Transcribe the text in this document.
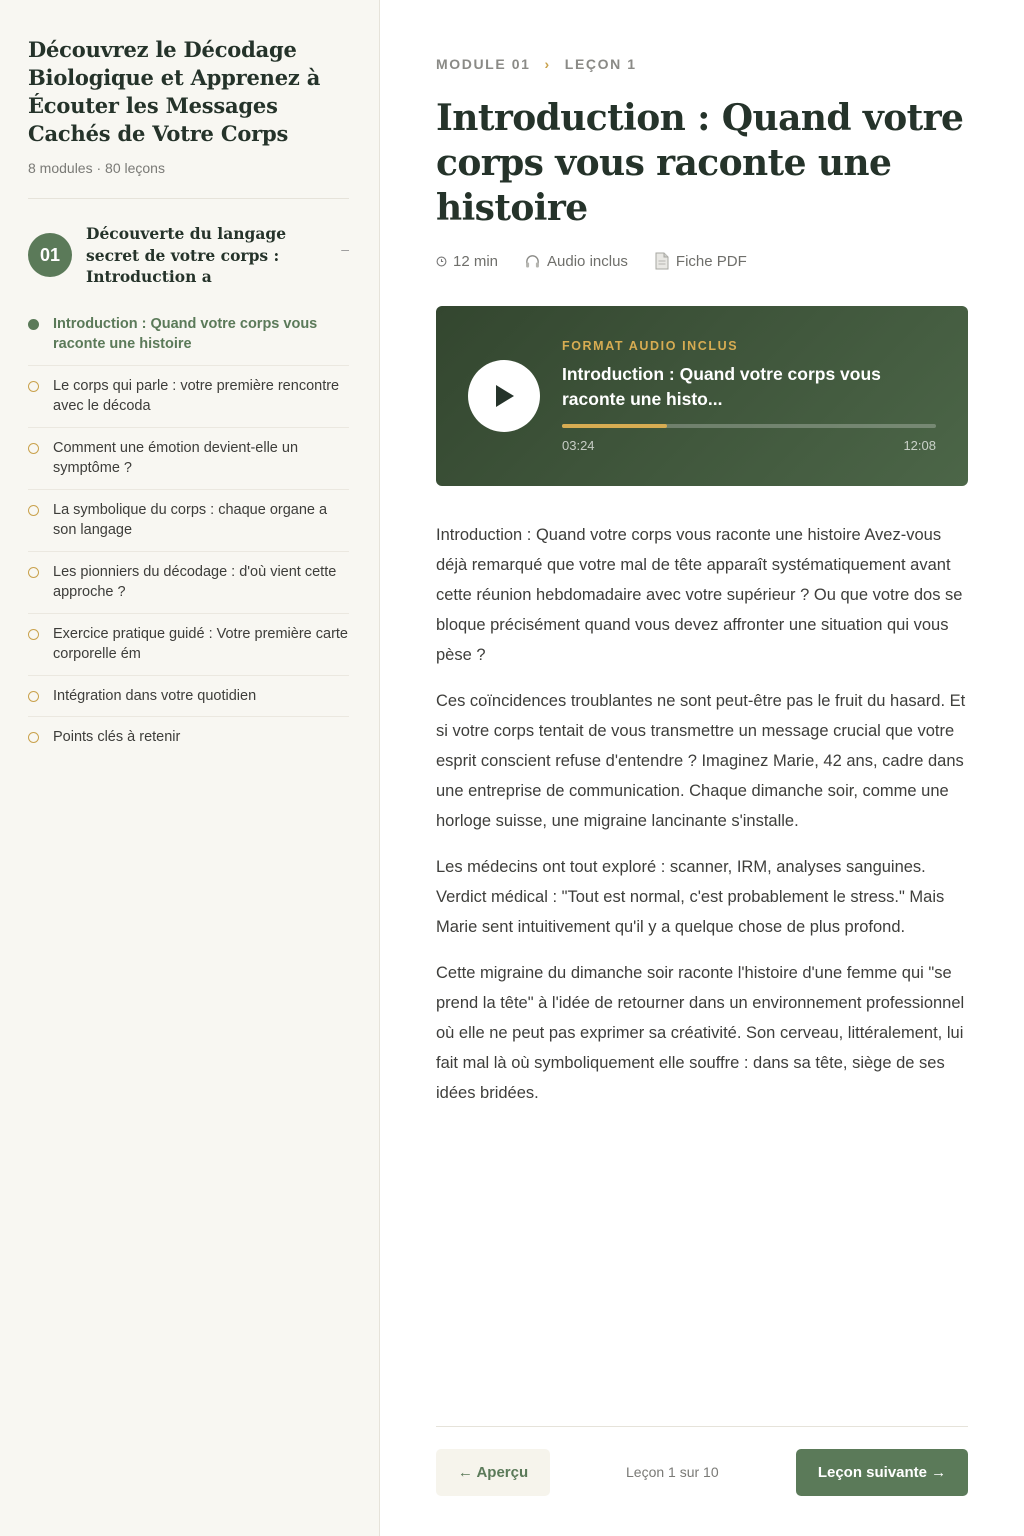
Découvrez le Décodage Biologique et Apprenez à Écouter les Messages Cachés de Votre Corps
8 modules · 80 leçons
01
Découverte du langage secret de votre corps : Introduction a
–
Introduction : Quand votre corps vous raconte une histoire
Le corps qui parle : votre première rencontre avec le décoda
Comment une émotion devient-elle un symptôme ?
La symbolique du corps : chaque organe a son langage
Les pionniers du décodage : d'où vient cette approche ?
Exercice pratique guidé : Votre première carte corporelle ém
Intégration dans votre quotidien
Points clés à retenir
MODULE 01 › LEÇON 1
Introduction : Quand votre corps vous raconte une histoire
12 min	Audio inclus	Fiche PDF
FORMAT AUDIO INCLUS
Introduction : Quand votre corps vous raconte une histo...
03:24	12:08

Introduction : Quand votre corps vous raconte une histoire Avez-vous déjà remarqué que votre mal de tête apparaît systématiquement avant cette réunion hebdomadaire avec votre supérieur ? Ou que votre dos se bloque précisément quand vous devez affronter une situation qui vous pèse ?

Ces coïncidences troublantes ne sont peut-être pas le fruit du hasard. Et si votre corps tentait de vous transmettre un message crucial que votre esprit conscient refuse d'entendre ? Imaginez Marie, 42 ans, cadre dans une entreprise de communication. Chaque dimanche soir, comme une horloge suisse, une migraine lancinante s'installe.

Les médecins ont tout exploré : scanner, IRM, analyses sanguines. Verdict médical : "Tout est normal, c'est probablement le stress." Mais Marie sent intuitivement qu'il y a quelque chose de plus profond.

Cette migraine du dimanche soir raconte l'histoire d'une femme qui "se prend la tête" à l'idée de retourner dans un environnement professionnel où elle ne peut pas exprimer sa créativité. Son cerveau, littéralement, lui fait mal là où symboliquement elle souffre : dans sa tête, siège de ses idées bridées.

← Aperçu	Leçon 1 sur 10	Leçon suivante →
